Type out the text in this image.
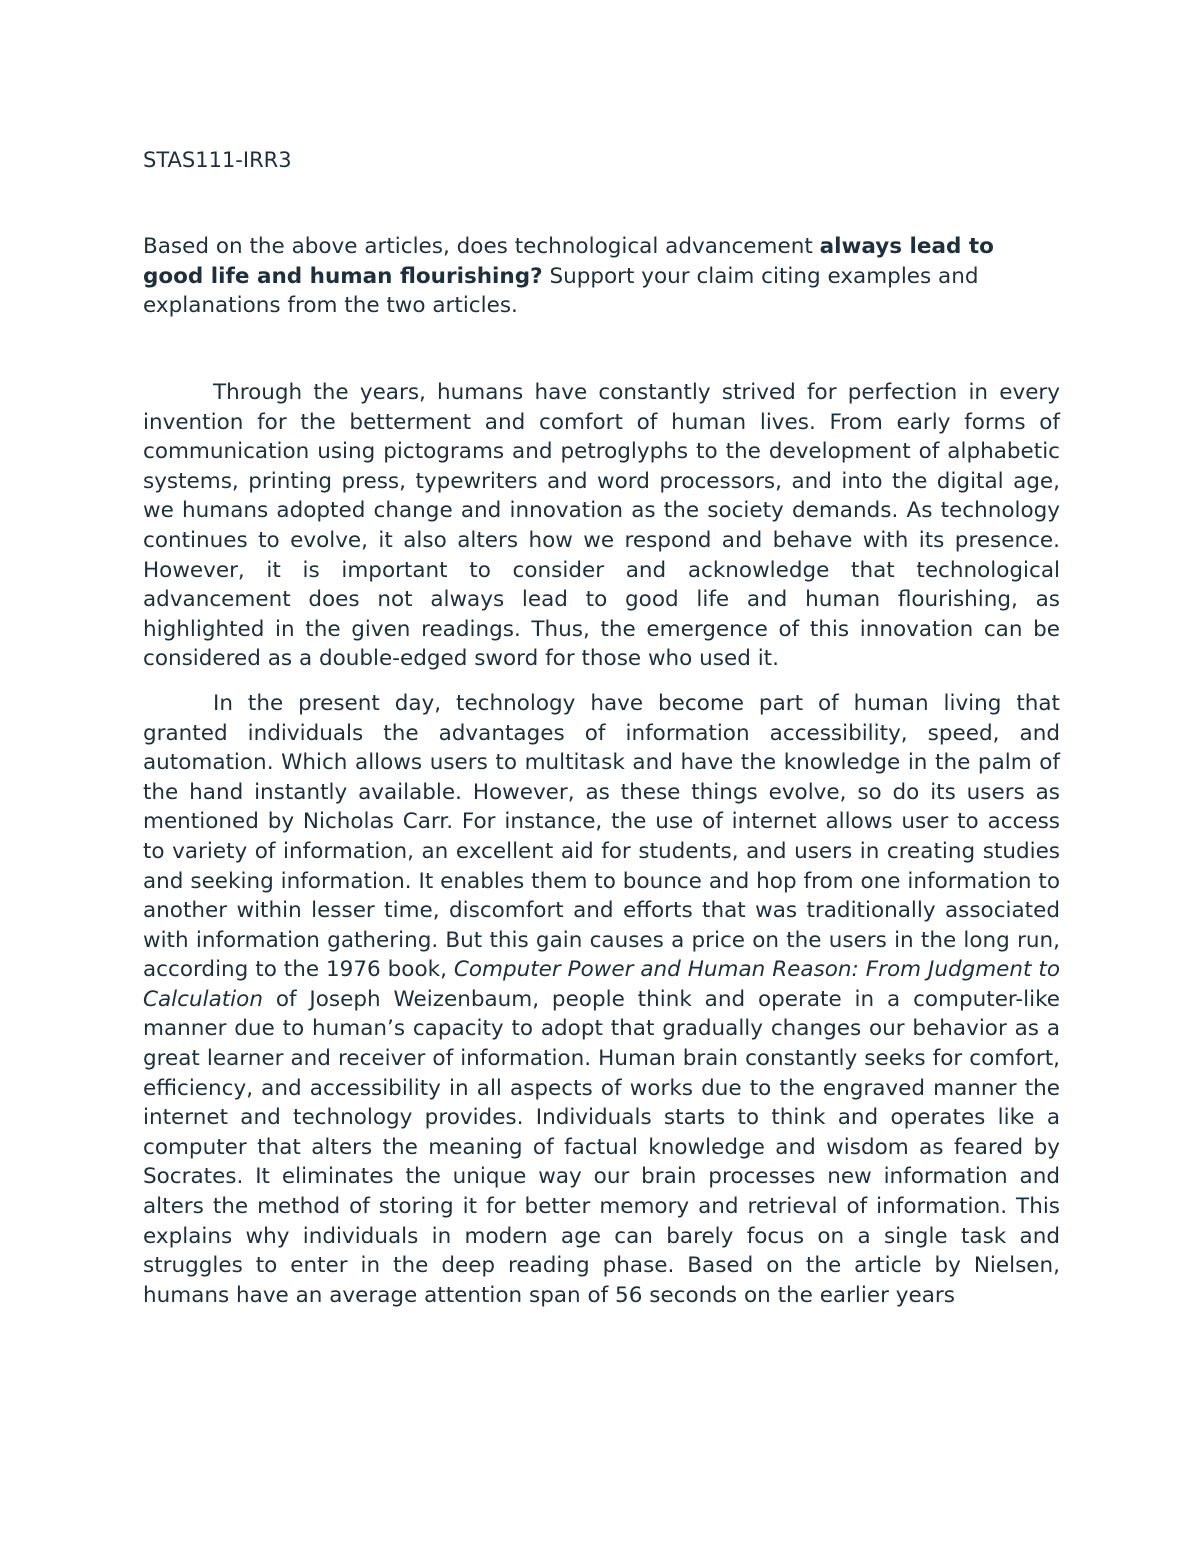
STAS111-IRR3

Based on the above articles, does technological advancement always lead to good life and human flourishing? Support your claim citing examples and explanations from the two articles.

Through the years, humans have constantly strived for perfection in every invention for the betterment and comfort of human lives. From early forms of communication using pictograms and petroglyphs to the development of alphabetic systems, printing press, typewriters and word processors, and into the digital age, we humans adopted change and innovation as the society demands. As technology continues to evolve, it also alters how we respond and behave with its presence. However, it is important to consider and acknowledge that technological advancement does not always lead to good life and human flourishing, as highlighted in the given readings. Thus, the emergence of this innovation can be considered as a double-edged sword for those who used it.

In the present day, technology have become part of human living that granted individuals the advantages of information accessibility, speed, and automation. Which allows users to multitask and have the knowledge in the palm of the hand instantly available. However, as these things evolve, so do its users as mentioned by Nicholas Carr. For instance, the use of internet allows user to access to variety of information, an excellent aid for students, and users in creating studies and seeking information. It enables them to bounce and hop from one information to another within lesser time, discomfort and efforts that was traditionally associated with information gathering. But this gain causes a price on the users in the long run, according to the 1976 book, Computer Power and Human Reason: From Judgment to Calculation of Joseph Weizenbaum, people think and operate in a computer-like manner due to human’s capacity to adopt that gradually changes our behavior as a great learner and receiver of information. Human brain constantly seeks for comfort, efficiency, and accessibility in all aspects of works due to the engraved manner the internet and technology provides. Individuals starts to think and operates like a computer that alters the meaning of factual knowledge and wisdom as feared by Socrates. It eliminates the unique way our brain processes new information and alters the method of storing it for better memory and retrieval of information. This explains why individuals in modern age can barely focus on a single task and struggles to enter in the deep reading phase. Based on the article by Nielsen, humans have an average attention span of 56 seconds on the earlier years
